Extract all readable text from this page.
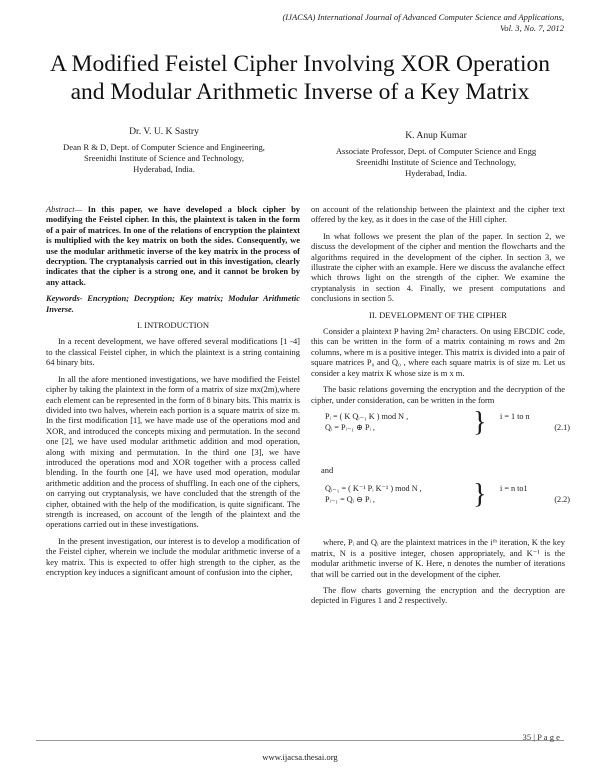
(IJACSA) International Journal of Advanced Computer Science and Applications,
Vol. 3, No. 7, 2012
A Modified Feistel Cipher Involving XOR Operation
and Modular Arithmetic Inverse of a Key Matrix
Dr. V. U. K Sastry
Dean R & D, Dept. of Computer Science and Engineering,
Sreenidhi Institute of Science and Technology,
Hyderabad, India.
K. Anup Kumar
Associate Professor, Dept. of Computer Science and Engg
Sreenidhi Institute of Science and Technology,
Hyderabad, India.

Abstract— In this paper, we have developed a block cipher by modifying the Feistel cipher. In this, the plaintext is taken in the form of a pair of matrices. In one of the relations of encryption the plaintext is multiplied with the key matrix on both the sides. Consequently, we use the modular arithmetic inverse of the key matrix in the process of decryption. The cryptanalysis carried out in this investigation, clearly indicates that the cipher is a strong one, and it cannot be broken by any attack.

Keywords- Encryption; Decryption; Key matrix; Modular Arithmetic Inverse.

I. INTRODUCTION

In a recent development, we have offered several modifications [1 -4] to the classical Feistel cipher, in which the plaintext is a string containing 64 binary bits.

In all the afore mentioned investigations, we have modified the Feistel cipher by taking the plaintext in the form of a matrix of size mx(2m),where each element can be represented in the form of 8 binary bits. This matrix is divided into two halves, wherein each portion is a square matrix of size m. In the first modification [1], we have made use of the operations mod and XOR, and introduced the concepts mixing and permutation. In the second one [2], we have used modular arithmetic addition and mod operation, along with mixing and permutation. In the third one [3], we have introduced the operations mod and XOR together with a process called blending. In the fourth one [4], we have used mod operation, modular arithmetic addition and the process of shuffling. In each one of the ciphers, on carrying out cryptanalysis, we have concluded that the strength of the cipher, obtained with the help of the modification, is quite significant. The strength is increased, on account of the length of the plaintext and the operations carried out in these investigations.

In the present investigation, our interest is to develop a modification of the Feistel cipher, wherein we include the modular arithmetic inverse of a key matrix. This is expected to offer high strength to the cipher, as the encryption key induces a significant amount of confusion into the cipher,

on account of the relationship between the plaintext and the cipher text offered by the key, as it does in the case of the Hill cipher.

In what follows we present the plan of the paper. In section 2, we discuss the development of the cipher and mention the flowcharts and the algorithms required in the development of the cipher. In section 3, we illustrate the cipher with an example. Here we discuss the avalanche effect which throws light on the strength of the cipher. We examine the cryptanalysis in section 4. Finally, we present computations and conclusions in section 5.

II. DEVELOPMENT OF THE CIPHER

Consider a plaintext P having 2m² characters. On using EBCDIC code, this can be written in the form of a matrix containing m rows and 2m columns, where m is a positive integer. This matrix is divided into a pair of square matrices P₀ and Q₀ , where each square matrix is of size m. Let us consider a key matrix K whose size is m x m.

The basic relations governing the encryption and the decryption of the cipher, under consideration, can be written in the form

Pᵢ = ( K Qᵢ₋₁ K ) mod N ,
Qᵢ = Pᵢ₋₁ ⊕ Pᵢ ,	} i = 1 to n
(2.1)
and
Qᵢ₋₁ = ( K⁻¹ Pᵢ K⁻¹ ) mod N ,
Pᵢ₋₁ = Qᵢ ⊖ Pᵢ ,	} i = n to1
(2.2)

where, Pᵢ and Qᵢ are the plaintext matrices in the iᵗʰ iteration, K the key matrix, N is a positive integer, chosen appropriately, and K⁻¹ is the modular arithmetic inverse of K. Here, n denotes the number of iterations that will be carried out in the development of the cipher.

The flow charts governing the encryption and the decryption are depicted in Figures 1 and 2 respectively.

35 | P a g e
www.ijacsa.thesai.org
